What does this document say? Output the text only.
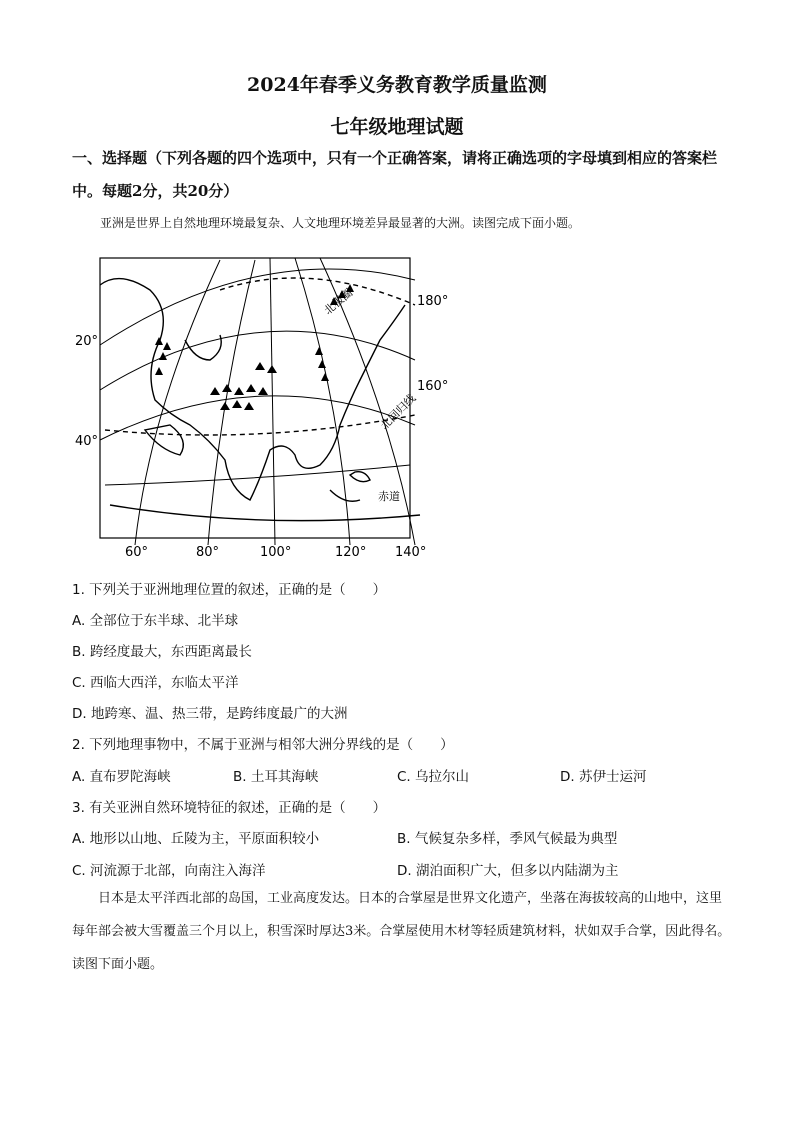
2024年春季义务教育教学质量监测
七年级地理试题
一、选择题（下列各题的四个选项中，只有一个正确答案，请将正确选项的字母填到相应的答案栏中。每题2分，共20分）
亚洲是世界上自然地理环境最复杂、人文地理环境差异最显著的大洲。读图完成下面小题。
20°
40°
180°
160°
60°	80°	100°	120° 140°
北极圈
北回归线
赤道
1. 下列关于亚洲地理位置的叙述，正确的是（　　）
A. 全部位于东半球、北半球
B. 跨经度最大，东西距离最长
C. 西临大西洋，东临太平洋
D. 地跨寒、温、热三带，是跨纬度最广的大洲
2. 下列地理事物中，不属于亚洲与相邻大洲分界线的是（　　）
A. 直布罗陀海峡	B. 土耳其海峡	C. 乌拉尔山	D. 苏伊士运河
3. 有关亚洲自然环境特征的叙述，正确的是（　　）
A. 地形以山地、丘陵为主，平原面积较小	B. 气候复杂多样，季风气候最为典型
C. 河流源于北部，向南注入海洋	D. 湖泊面积广大，但多以内陆湖为主
日本是太平洋西北部的岛国，工业高度发达。日本的合掌屋是世界文化遗产，坐落在海拔较高的山地中，这里每年部会被大雪覆盖三个月以上，积雪深时厚达3米。合掌屋使用木材等轻质建筑材料，状如双手合掌，因此得名。读图下面小题。
